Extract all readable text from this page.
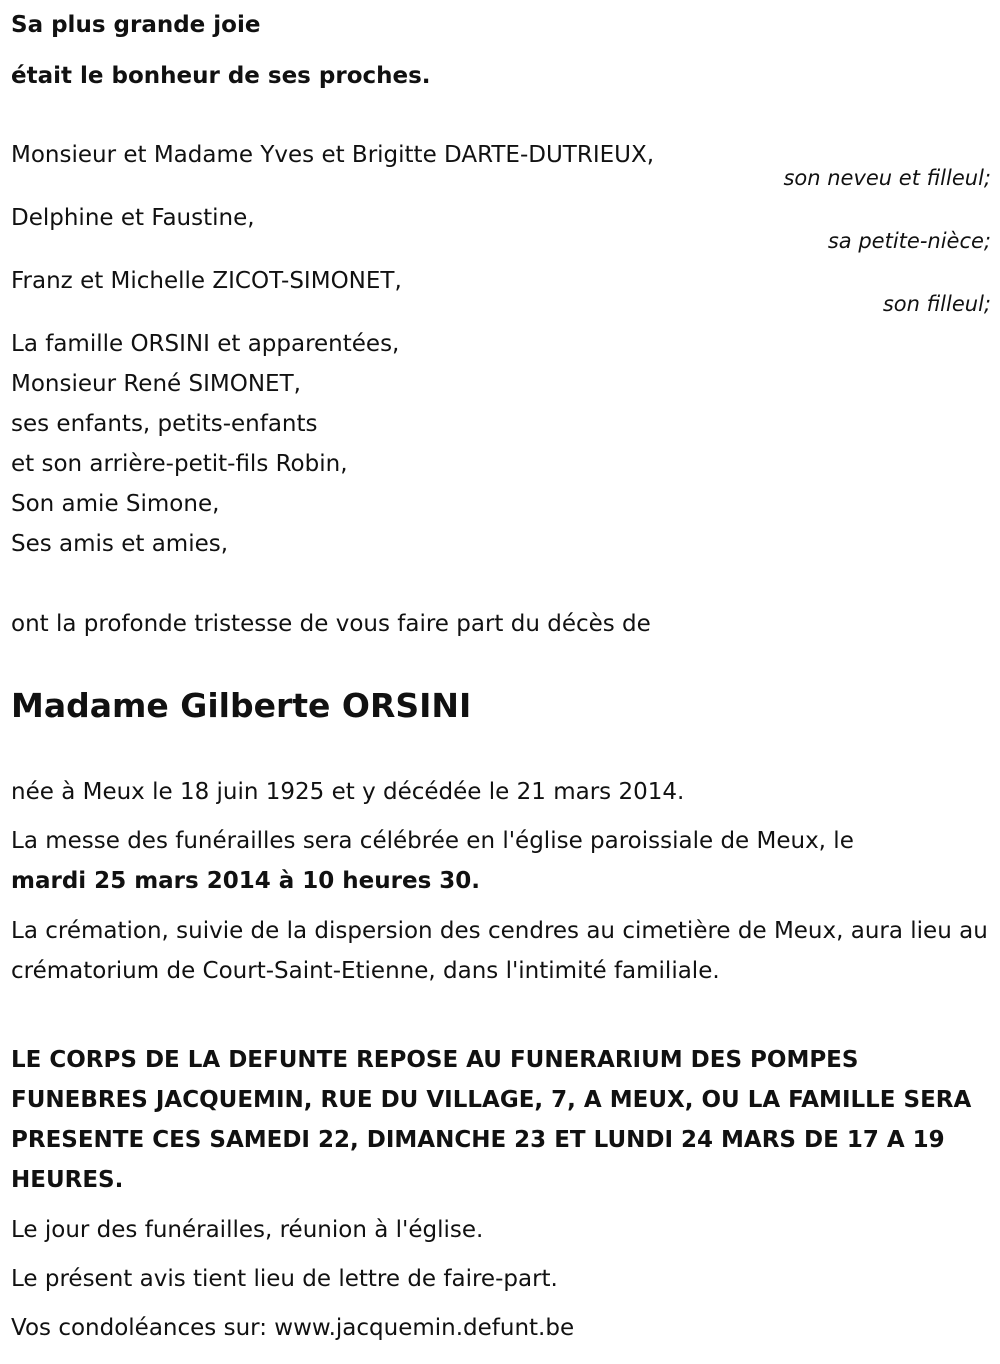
Sa plus grande joie
était le bonheur de ses proches.
Monsieur et Madame Yves et Brigitte DARTE-DUTRIEUX,
son neveu et filleul;
Delphine et Faustine,
sa petite-nièce;
Franz et Michelle ZICOT-SIMONET,
son filleul;
La famille ORSINI et apparentées,
Monsieur René SIMONET,
ses enfants, petits-enfants
et son arrière-petit-fils Robin,
Son amie Simone,
Ses amis et amies,
ont la profonde tristesse de vous faire part du décès de
Madame Gilberte ORSINI
née à Meux le 18 juin 1925 et y décédée le 21 mars 2014.
La messe des funérailles sera célébrée en l'église paroissiale de Meux, le
mardi 25 mars 2014 à 10 heures 30.
La crémation, suivie de la dispersion des cendres au cimetière de Meux, aura lieu au crématorium de Court-Saint-Etienne, dans l'intimité familiale.
LE CORPS DE LA DEFUNTE REPOSE AU FUNERARIUM DES POMPES FUNEBRES JACQUEMIN, RUE DU VILLAGE, 7, A MEUX, OU LA FAMILLE SERA PRESENTE CES SAMEDI 22, DIMANCHE 23 ET LUNDI 24 MARS DE 17 A 19 HEURES.
Le jour des funérailles, réunion à l'église.
Le présent avis tient lieu de lettre de faire-part.
Vos condoléances sur: www.jacquemin.defunt.be
